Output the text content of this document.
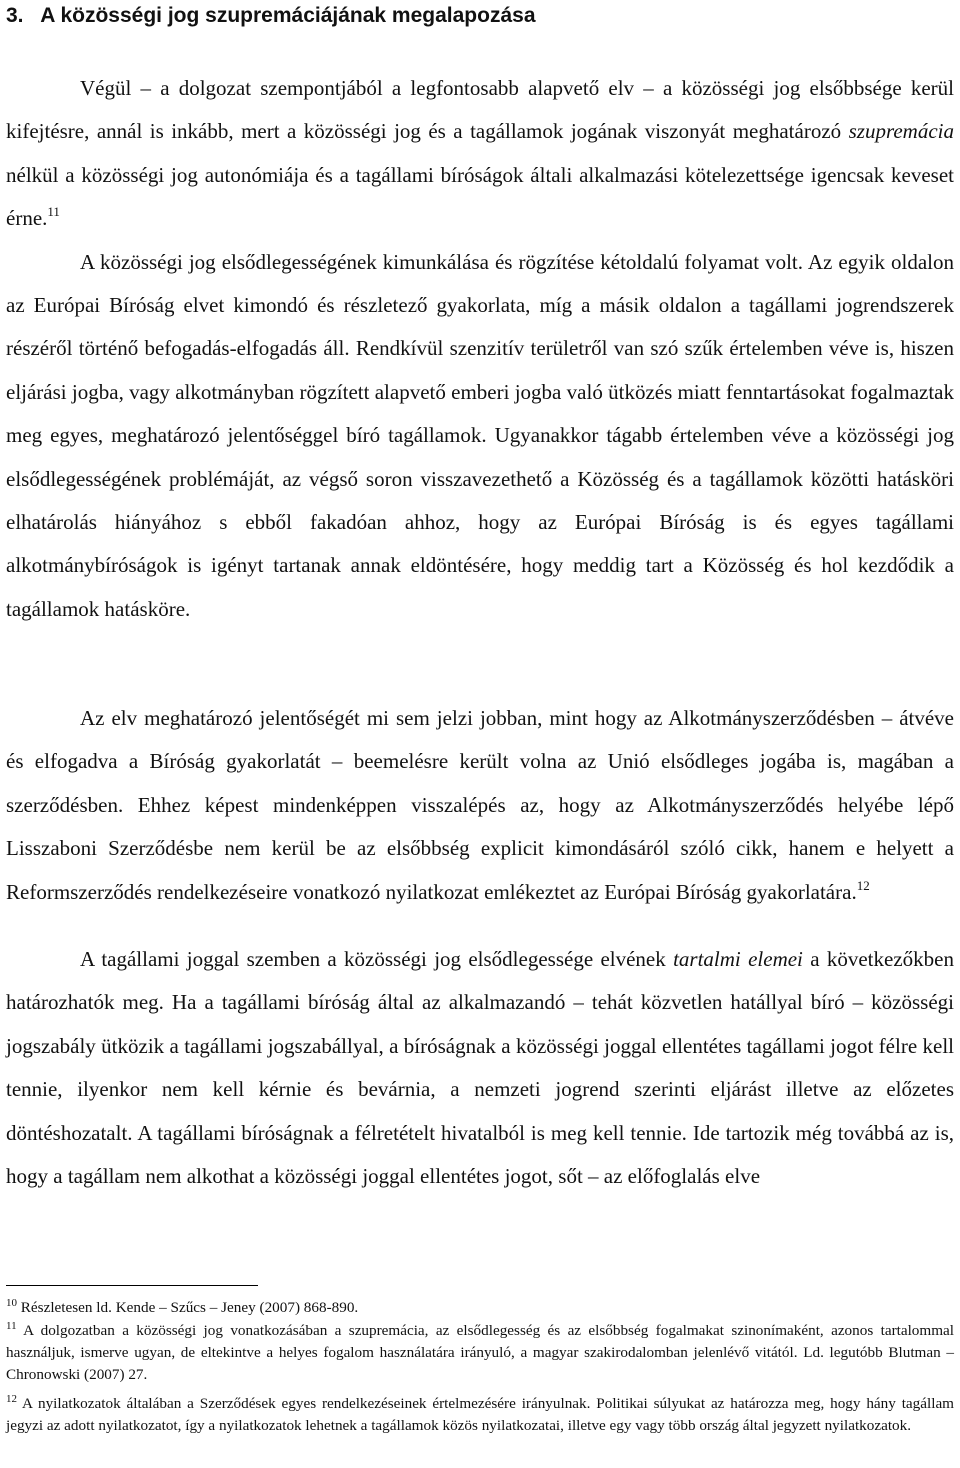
3. A közösségi jog szupremáciájának megalapozása

Végül – a dolgozat szempontjából a legfontosabb alapvető elv – a közösségi jog elsőbbsége kerül kifejtésre, annál is inkább, mert a közösségi jog és a tagállamok jogának viszonyát meghatározó szupremácia nélkül a közösségi jog autonómiája és a tagállami bíróságok általi alkalmazási kötelezettsége igencsak keveset érne.$^{11}$

A közösségi jog elsődlegességének kimunkálása és rögzítése kétoldalú folyamat volt. Az egyik oldalon az Európai Bíróság elvet kimondó és részletező gyakorlata, míg a másik oldalon a tagállami jogrendszerek részéről történő befogadás-elfogadás áll. Rendkívül szenzitív területről van szó szűk értelemben véve is, hiszen eljárási jogba, vagy alkotmányban rögzített alapvető emberi jogba való ütközés miatt fenntartásokat fogalmaztak meg egyes, meghatározó jelentőséggel bíró tagállamok. Ugyanakkor tágabb értelemben véve a közösségi jog elsődlegességének problémáját, az végső soron visszavezethető a Közösség és a tagállamok közötti hatásköri elhatárolás hiányához s ebből fakadóan ahhoz, hogy az Európai Bíróság is és egyes tagállami alkotmánybíróságok is igényt tartanak annak eldöntésére, hogy meddig tart a Közösség és hol kezdődik a tagállamok hatásköre.

Az elv meghatározó jelentőségét mi sem jelzi jobban, mint hogy az Alkotmányszerződésben – átvéve és elfogadva a Bíróság gyakorlatát – beemelésre került volna az Unió elsődleges jogába is, magában a szerződésben. Ehhez képest mindenképpen visszalépés az, hogy az Alkotmányszerződés helyébe lépő Lisszaboni Szerződésbe nem kerül be az elsőbbség explicit kimondásáról szóló cikk, hanem e helyett a Reformszerződés rendelkezéseire vonatkozó nyilatkozat emlékeztet az Európai Bíróság gyakorlatára.$^{12}$

A tagállami joggal szemben a közösségi jog elsődlegessége elvének tartalmi elemei a következőkben határozhatók meg. Ha a tagállami bíróság által az alkalmazandó – tehát közvetlen hatállyal bíró – közösségi jogszabály ütközik a tagállami jogszabállyal, a bíróságnak a közösségi joggal ellentétes tagállami jogot félre kell tennie, ilyenkor nem kell kérnie és bevárnia, a nemzeti jogrend szerinti eljárást illetve az előzetes döntéshozatalt. A tagállami bíróságnak a félretételt hivatalból is meg kell tennie. Ide tartozik még továbbá az is, hogy a tagállam nem alkothat a közösségi joggal ellentétes jogot, sőt – az előfoglalás elve

$^{10}$ Részletesen ld. Kende – Szűcs – Jeney (2007) 868-890.

$^{11}$ A dolgozatban a közösségi jog vonatkozásában a szupremácia, az elsődlegesség és az elsőbbség fogalmakat szinonímaként, azonos tartalommal használjuk, ismerve ugyan, de eltekintve a helyes fogalom használatára irányuló, a magyar szakirodalomban jelenlévő vitától. Ld. legutóbb Blutman – Chronowski (2007) 27.

$^{12}$ A nyilatkozatok általában a Szerződések egyes rendelkezéseinek értelmezésére irányulnak. Politikai súlyukat az határozza meg, hogy hány tagállam jegyzi az adott nyilatkozatot, így a nyilatkozatok lehetnek a tagállamok közös nyilatkozatai, illetve egy vagy több ország által jegyzett nyilatkozatok.
